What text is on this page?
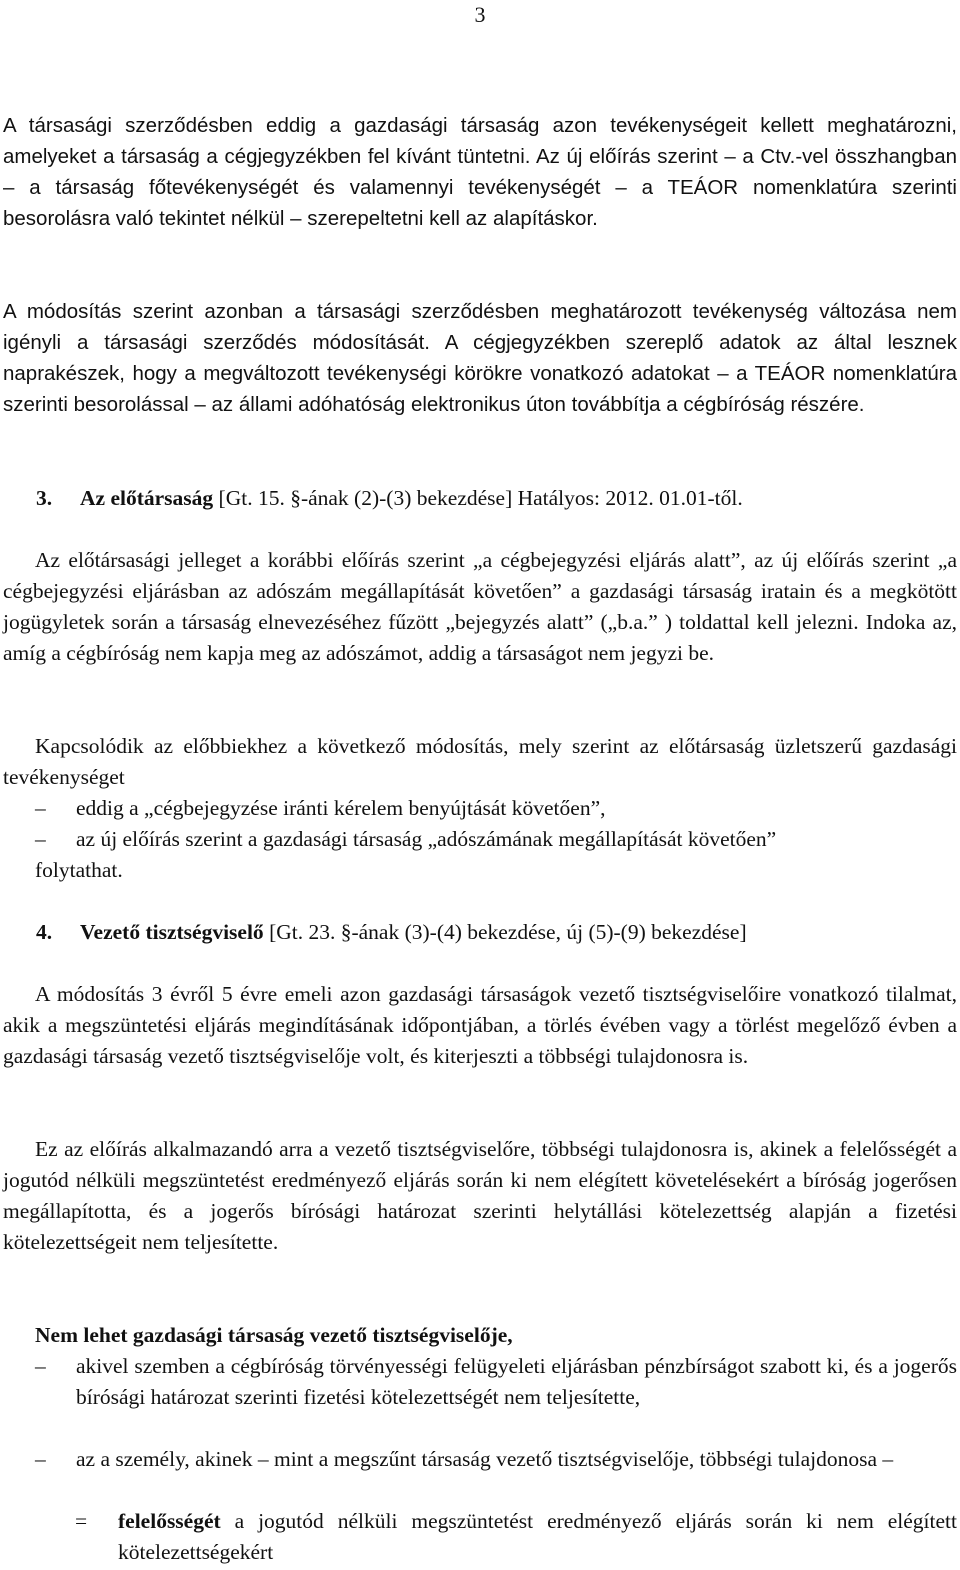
3

A társasági szerződésben eddig a gazdasági társaság azon tevékenységeit kellett meghatározni, amelyeket a társaság a cégjegyzékben fel kívánt tüntetni. Az új előírás szerint – a Ctv.-vel összhangban – a társaság főtevékenységét és valamennyi tevékenységét – a TEÁOR nomenklatúra szerinti besorolásra való tekintet nélkül – szerepeltetni kell az alapításkor.

A módosítás szerint azonban a társasági szerződésben meghatározott tevékenység változása nem igényli a társasági szerződés módosítását. A cégjegyzékben szereplő adatok az által lesznek naprakészek, hogy a megváltozott tevékenységi körökre vonatkozó adatokat – a TEÁOR nomenklatúra szerinti besorolással – az állami adóhatóság elektronikus úton továbbítja a cégbíróság részére.

3. Az előtársaság [Gt. 15. §-ának (2)-(3) bekezdése] Hatályos: 2012. 01.01-től.

Az előtársasági jelleget a korábbi előírás szerint „a cégbejegyzési eljárás alatt”, az új előírás szerint „a cégbejegyzési eljárásban az adószám megállapítását követően” a gazdasági társaság iratain és a megkötött jogügyletek során a társaság elnevezéséhez fűzött „bejegyzés alatt” („b.a.” ) toldattal kell jelezni. Indoka az, amíg a cégbíróság nem kapja meg az adószámot, addig a társaságot nem jegyzi be.

Kapcsolódik az előbbiekhez a következő módosítás, mely szerint az előtársaság üzletszerű gazdasági tevékenységet

–	eddig a „cégbejegyzése iránti kérelem benyújtását követően”,
–	az új előírás szerint a gazdasági társaság „adószámának megállapítását követően”

folytathat.

4. Vezető tisztségviselő [Gt. 23. §-ának (3)-(4) bekezdése, új (5)-(9) bekezdése]

A módosítás 3 évről 5 évre emeli azon gazdasági társaságok vezető tisztségviselőire vonatkozó tilalmat, akik a megszüntetési eljárás megindításának időpontjában, a törlés évében vagy a törlést megelőző évben a gazdasági társaság vezető tisztségviselője volt, és kiterjeszti a többségi tulajdonosra is.

Ez az előírás alkalmazandó arra a vezető tisztségviselőre, többségi tulajdonosra is, akinek a felelősségét a jogutód nélküli megszüntetést eredményező eljárás során ki nem elégített követelésekért a bíróság jogerősen megállapította, és a jogerős bírósági határozat szerinti helytállási kötelezettség alapján a fizetési kötelezettségeit nem teljesítette.

Nem lehet gazdasági társaság vezető tisztségviselője,

–	akivel szemben a cégbíróság törvényességi felügyeleti eljárásban pénzbírságot szabott ki, és a jogerős bírósági határozat szerinti fizetési kötelezettségét nem teljesítette,
–	az a személy, akinek – mint a megszűnt társaság vezető tisztségviselője, többségi tulajdonosa –
=	felelősségét a jogutód nélküli megszüntetést eredményező eljárás során ki nem elégített kötelezettségekért
